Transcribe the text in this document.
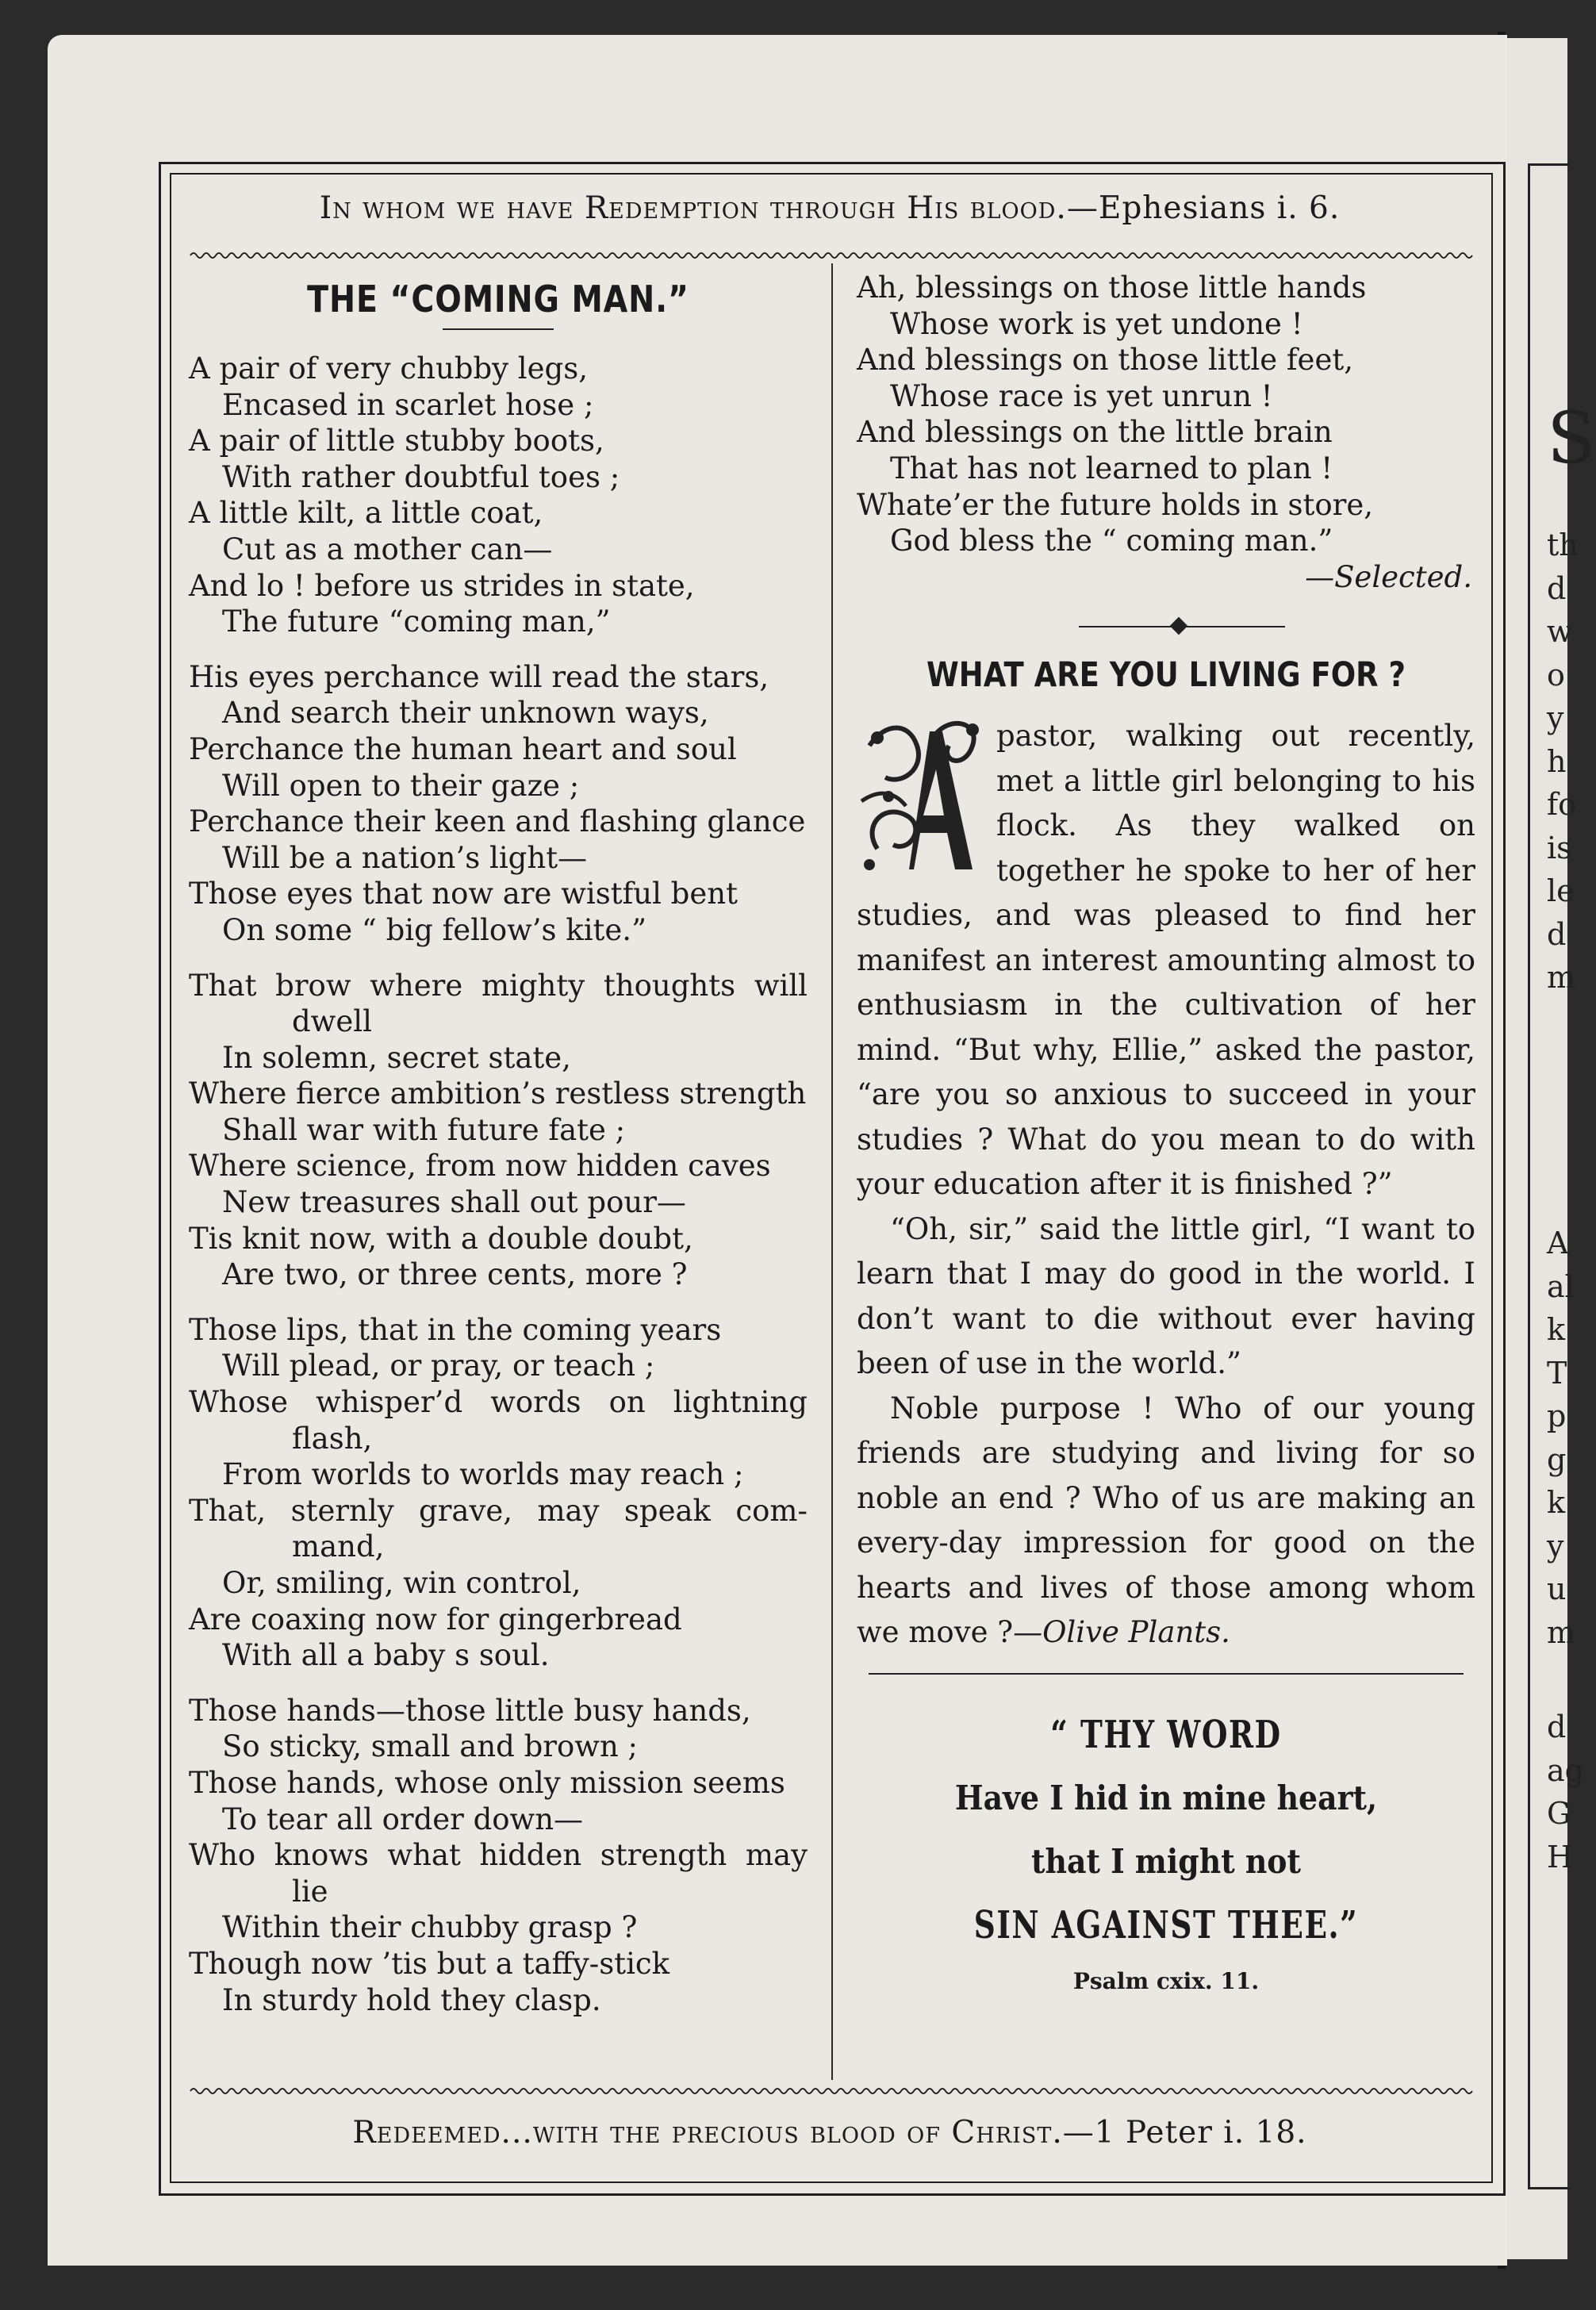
S
th
d
w
o
y
h
fo
is
le
d
m
A
al
k
T
p
g
k
y
u
m
d
ag
G
H
In whom we have Redemption through His blood.—Ephesians i. 6.
THE “COMING MAN.”
A pair of very chubby legs,
Encased in scarlet hose ;
A pair of little stubby boots,
With rather doubtful toes ;
A little kilt, a little coat,
Cut as a mother can—
And lo ! before us strides in state,
The future “coming man,”
His eyes perchance will read the stars,
And search their unknown ways,
Perchance the human heart and soul
Will open to their gaze ;
Perchance their keen and flashing glance
Will be a nation’s light—
Those eyes that now are wistful bent
On some “ big fellow’s kite.”
That brow where mighty thoughts will
dwell
In solemn, secret state,
Where fierce ambition’s restless strength
Shall war with future fate ;
Where science, from now hidden caves
New treasures shall out pour—
Tis knit now, with a double doubt,
Are two, or three cents, more ?
Those lips, that in the coming years
Will plead, or pray, or teach ;
Whose whisper’d words on lightning
flash,
From worlds to worlds may reach ;
That, sternly grave, may speak com-
mand,
Or, smiling, win control,
Are coaxing now for gingerbread
With all a baby s soul.
Those hands—those little busy hands,
So sticky, small and brown ;
Those hands, whose only mission seems
To tear all order down—
Who knows what hidden strength may
lie
Within their chubby grasp ?
Though now ’tis but a taffy-stick
In sturdy hold they clasp.
Ah, blessings on those little hands
Whose work is yet undone !
And blessings on those little feet,
Whose race is yet unrun !
And blessings on the little brain
That has not learned to plan !
Whate’er the future holds in store,
God bless the “ coming man.”
—Selected.
WHAT ARE YOU LIVING FOR ?
A

pastor, walking out recently, met a little girl belonging to his flock. As they walked on together he spoke to her of her studies, and was pleased to find her manifest an interest amounting almost to enthusiasm in the cultivation of her mind. “But why, Ellie,” asked the pastor, “are you so anxious to succeed in your studies ? What do you mean to do with your education after it is finished ?”

“Oh, sir,” said the little girl, “I want to learn that I may do good in the world. I don’t want to die without ever having been of use in the world.”

Noble purpose ! Who of our young friends are studying and living for so noble an end ? Who of us are making an every-day impression for good on the hearts and lives of those among whom we move ?—Olive Plants.

“ THY WORD
Have I hid in mine heart,
that I might not
SIN AGAINST THEE.”
Psalm cxix. 11.
Redeemed...with the precious blood of Christ.—1 Peter i. 18.
